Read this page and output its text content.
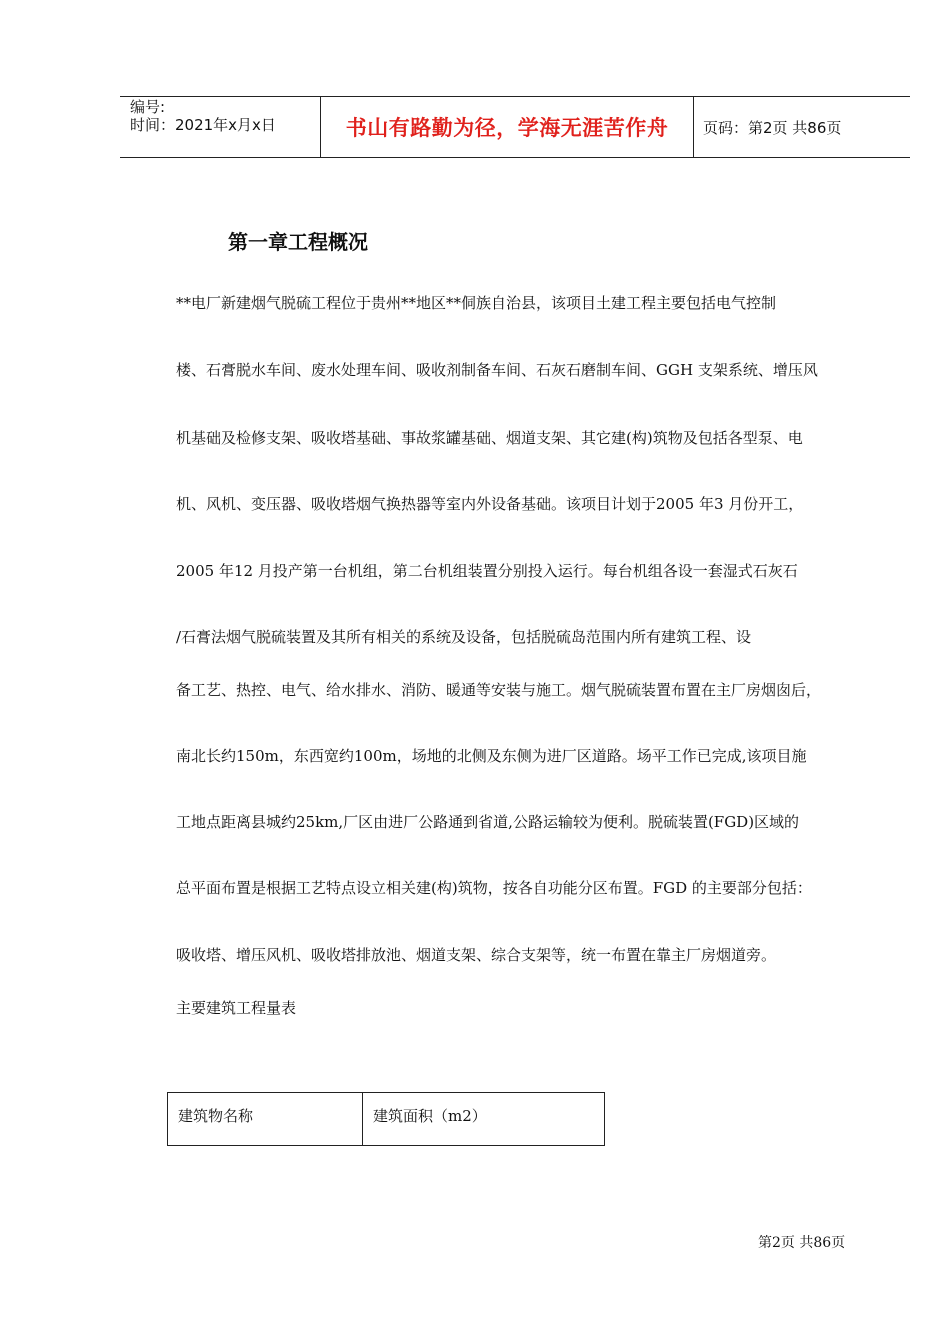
编号:
时间：2021年x月x日	书山有路勤为径，学海无涯苦作舟	页码：第2页 共86页
第一章工程概况
**电厂新建烟气脱硫工程位于贵州**地区**侗族自治县，该项目土建工程主要包括电气控制
楼、石膏脱水车间、废水处理车间、吸收剂制备车间、石灰石磨制车间、GGH 支架系统、增压风
机基础及检修支架、吸收塔基础、事故浆罐基础、烟道支架、其它建(构)筑物及包括各型泵、电
机、风机、变压器、吸收塔烟气换热器等室内外设备基础。该项目计划于2005 年3 月份开工，
2005 年12 月投产第一台机组，第二台机组装置分别投入运行。每台机组各设一套湿式石灰石
/石膏法烟气脱硫装置及其所有相关的系统及设备，包括脱硫岛范围内所有建筑工程、设
备工艺、热控、电气、给水排水、消防、暖通等安装与施工。烟气脱硫装置布置在主厂房烟囱后，
南北长约150m，东西宽约100m，场地的北侧及东侧为进厂区道路。场平工作已完成,该项目施
工地点距离县城约25km,厂区由进厂公路通到省道,公路运输较为便利。脱硫装置(FGD)区域的
总平面布置是根据工艺特点设立相关建(构)筑物，按各自功能分区布置。FGD 的主要部分包括：
吸收塔、增压风机、吸收塔排放池、烟道支架、综合支架等，统一布置在靠主厂房烟道旁。
主要建筑工程量表
建筑物名称	建筑面积（m2）
第2页 共86页
